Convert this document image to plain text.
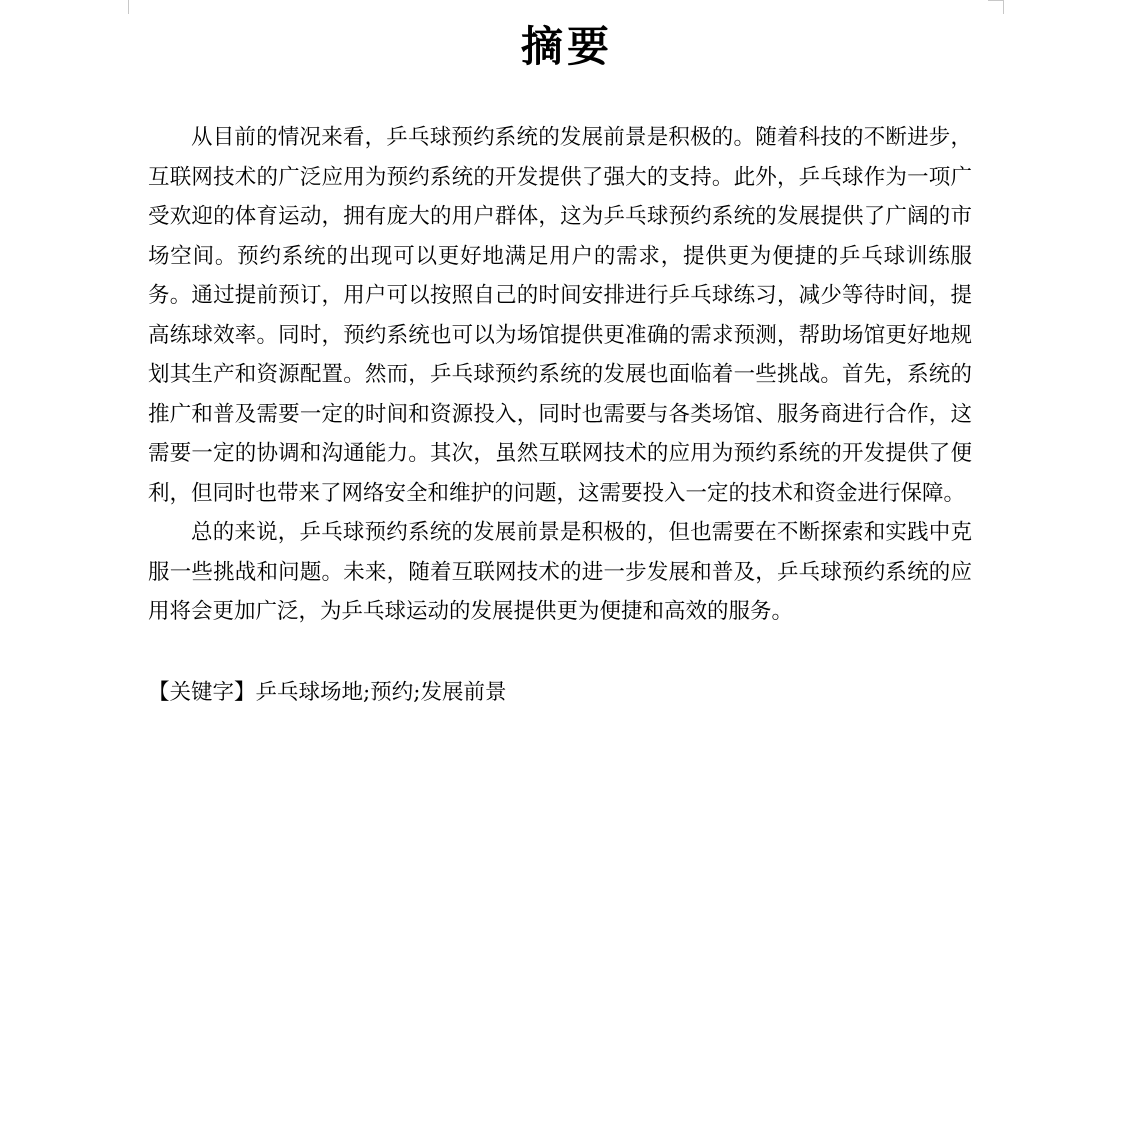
摘要

从目前的情况来看，乒乓球预约系统的发展前景是积极的。随着科技的不断进步，互联网技术的广泛应用为预约系统的开发提供了强大的支持。此外，乒乓球作为一项广受欢迎的体育运动，拥有庞大的用户群体，这为乒乓球预约系统的发展提供了广阔的市场空间。预约系统的出现可以更好地满足用户的需求，提供更为便捷的乒乓球训练服务。通过提前预订，用户可以按照自己的时间安排进行乒乓球练习，减少等待时间，提高练球效率。同时，预约系统也可以为场馆提供更准确的需求预测，帮助场馆更好地规划其生产和资源配置。然而，乒乓球预约系统的发展也面临着一些挑战。首先，系统的推广和普及需要一定的时间和资源投入，同时也需要与各类场馆、服务商进行合作，这需要一定的协调和沟通能力。其次，虽然互联网技术的应用为预约系统的开发提供了便利，但同时也带来了网络安全和维护的问题，这需要投入一定的技术和资金进行保障。

总的来说，乒乓球预约系统的发展前景是积极的，但也需要在不断探索和实践中克服一些挑战和问题。未来，随着互联网技术的进一步发展和普及，乒乓球预约系统的应用将会更加广泛，为乒乓球运动的发展提供更为便捷和高效的服务。

【关键字】乒乓球场地;预约;发展前景
